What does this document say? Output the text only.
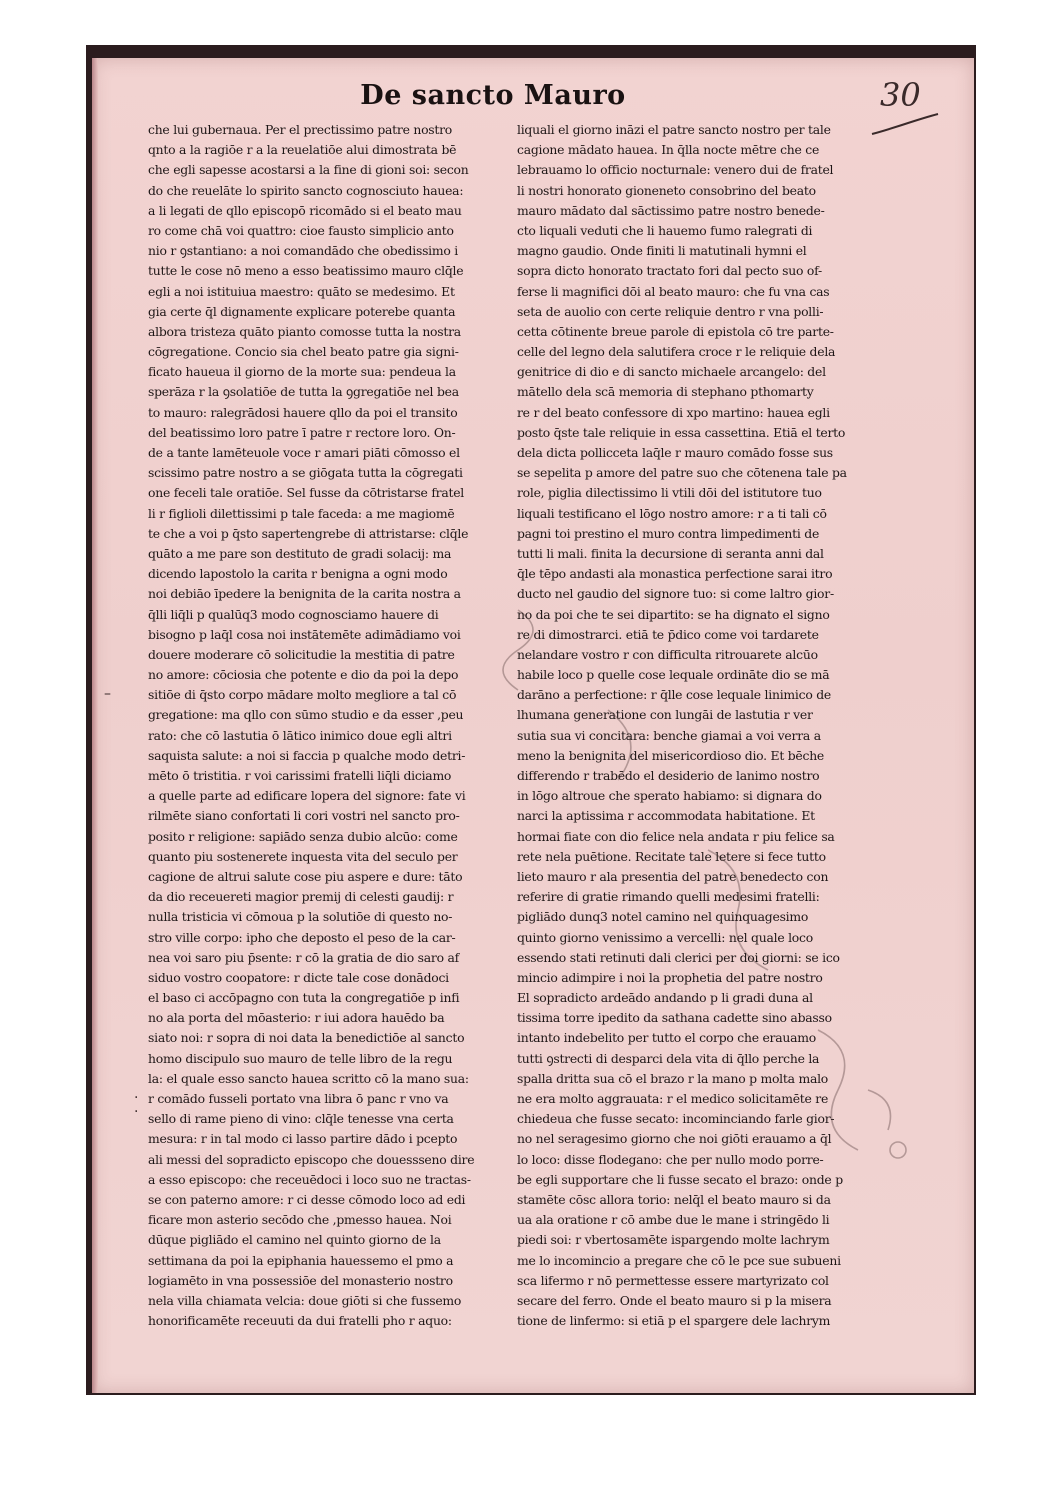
De sancto Mauro	30
che lui gubernaua. Per el prectissimo patre nostro
qnto a la ragiōe r a la reuelatiōe alui dimostrata bē
che egli sapesse acostarsi a la fine di gioni soi: secon
do che reuelāte lo spirito sancto cognosciuto hauea:
a li legati de qllo episcopō ricomādo si el beato mau
ro come chā voi quattro: cioe fausto simplicio anto
nio r ꝯstantiano: a noi comandādo che obedissimo i
tutte le cose nō meno a esso beatissimo mauro clq̄le
egli a noi istituiua maestro: quāto se medesimo. Et
gia certe q̄l dignamente explicare poterebe quanta
albora tristeza quāto pianto comosse tutta la nostra
cōgregatione. Concio sia chel beato patre gia signi-
ficato haueua il giorno de la morte sua: pendeua la
sperāza r la ꝯsolatiōe de tutta la ꝯgregatiōe nel bea
to mauro: ralegrādosi hauere qllo da poi el transito
del beatissimo loro patre ī patre r rectore loro. On-
de a tante lamēteuole voce r amari piāti cōmosso el
scissimo patre nostro a se giōgata tutta la cōgregati
one feceli tale oratiōe. Sel fusse da cōtristarse fratel
li r figlioli dilettissimi p tale faceda: a me magiomē
te che a voi p q̄sto sapertengrebe di attristarse: clq̄le
quāto a me pare son destituto de gradi solacij: ma
dicendo lapostolo la carita r benigna a ogni modo
noi debiāo īpedere la benignita de la carita nostra a
q̄lli liq̄li p qualūq3 modo cognosciamo hauere di
bisogno p laq̄l cosa noi instātemēte adimādiamo voi
douere moderare cō solicitudie la mestitia di patre
no amore: cōciosia che potente e dio da poi la depo
sitiōe di q̄sto corpo mādare molto megliore a tal cō
gregatione: ma qllo con sūmo studio e da esser ,peu
rato: che cō lastutia ō lātico inimico doue egli altri
saquista salute: a noi si faccia p qualche modo detri-
mēto ō tristitia. r voi carissimi fratelli liq̄li diciamo
a quelle parte ad edificare lopera del signore: fate vi
rilmēte siano confortati li cori vostri nel sancto pro-
posito r religione: sapiādo senza dubio alcūo: come
quanto piu sostenerete inquesta vita del seculo per
cagione de altrui salute cose piu aspere e dure: tāto
da dio receuereti magior premij di celesti gaudij: r
nulla tristicia vi cōmoua p la solutiōe di questo no-
stro ville corpo: ipho che deposto el peso de la car-
nea voi saro piu p̄sente: r cō la gratia de dio saro af
siduo vostro coopatore: r dicte tale cose donādoci
el baso ci accōpagno con tuta la congregatiōe p infi
no ala porta del mōasterio: r iui adora hauēdo ba
siato noi: r sopra di noi data la benedictiōe al sancto
homo discipulo suo mauro de telle libro de la regu
la: el quale esso sancto hauea scritto cō la mano sua:
r comādo fusseli portato vna libra ō panc r vno va
sello di rame pieno di vino: clq̄le tenesse vna certa
mesura: r in tal modo ci lasso partire dādo i pcepto
ali messi del sopradicto episcopo che douessseno dire
a esso episcopo: che receuēdoci i loco suo ne tractas-
se con paterno amore: r ci desse cōmodo loco ad edi
ficare mon asterio secōdo che ,pmesso hauea. Noi
dūque pigliādo el camino nel quinto giorno de la
settimana da poi la epiphania hauessemo el pmo a
logiamēto in vna possessiōe del monasterio nostro
nela villa chiamata velcia: doue giōti si che fussemo
honorificamēte receuuti da dui fratelli pho r aquo:
liquali el giorno ināzi el patre sancto nostro per tale
cagione mādato hauea. In q̄lla nocte mētre che ce
lebrauamo lo officio nocturnale: venero dui de fratel
li nostri honorato gioneneto consobrino del beato
mauro mādato dal sāctissimo patre nostro benede-
cto liquali veduti che li hauemo fumo ralegrati di
magno gaudio. Onde finiti li matutinali hymni el
sopra dicto honorato tractato fori dal pecto suo of-
ferse li magnifici dōi al beato mauro: che fu vna cas
seta de auolio con certe reliquie dentro r vna polli-
cetta cōtinente breue parole di epistola cō tre parte-
celle del legno dela salutifera croce r le reliquie dela
genitrice di dio e di sancto michaele arcangelo: del
mātello dela scā memoria di stephano pthomarty
re r del beato confessore di xpo martino: hauea egli
posto q̄ste tale reliquie in essa cassettina. Etiā el terto
dela dicta pollicceta laq̄le r mauro comādo fosse sus
se sepelita p amore del patre suo che cōtenena tale pa
role, piglia dilectissimo li vtili dōi del istitutore tuo
liquali testificano el lōgo nostro amore: r a ti tali cō
pagni toi prestino el muro contra limpedimenti de
tutti li mali. finita la decursione di seranta anni dal
q̄le tēpo andasti ala monastica perfectione sarai itro
ducto nel gaudio del signore tuo: si come laltro gior-
no da poi che te sei dipartito: se ha dignato el signo
re di dimostrarci. etiā te p̄dico come voi tardarete
nelandare vostro r con difficulta ritrouarete alcūo
habile loco p quelle cose lequale ordināte dio se mā
darāno a perfectione: r q̄lle cose lequale linimico de
lhumana generatione con lungāi de lastutia r ver
sutia sua vi concitara: benche giamai a voi verra a
meno la benignita del misericordioso dio. Et bēche
differendo r trabēdo el desiderio de lanimo nostro
in lōgo altroue che sperato habiamo: si dignara do
narci la aptissima r accommodata habitatione. Et
hormai fiate con dio felice nela andata r piu felice sa
rete nela puētione. Recitate tale letere si fece tutto
lieto mauro r ala presentia del patre benedecto con
referire di gratie rimando quelli medesimi fratelli:
pigliādo dunq3 notel camino nel quinquagesimo
quinto giorno venissimo a vercelli: nel quale loco
essendo stati retinuti dali clerici per doi giorni: se ico
mincio adimpire i noi la prophetia del patre nostro
El sopradicto ardeādo andando p li gradi duna al
tissima torre ipedito da sathana cadette sino abasso
intanto indebelito per tutto el corpo che erauamo
tutti ꝯstrecti di desparci dela vita di q̄llo perche la
spalla dritta sua cō el brazo r la mano p molta malo
ne era molto aggrauata: r el medico solicitamēte re
chiedeua che fusse secato: incominciando farle gior-
no nel seragesimo giorno che noi giōti erauamo a q̄l
lo loco: disse flodegano: che per nullo modo porre-
be egli supportare che li fusse secato el brazo: onde p
stamēte cōsc allora torio: nelq̄l el beato mauro si da
ua ala oratione r cō ambe due le mane i stringēdo li
piedi soi: r vbertosamēte ispargendo molte lachrym
me lo incomincio a pregare che cō le pce sue subueni
sca lifermo r nō permettesse essere martyrizato col
secare del ferro. Onde el beato mauro si p la misera
tione de linfermo: si etiā p el spargere dele lachrym
–
·
·
